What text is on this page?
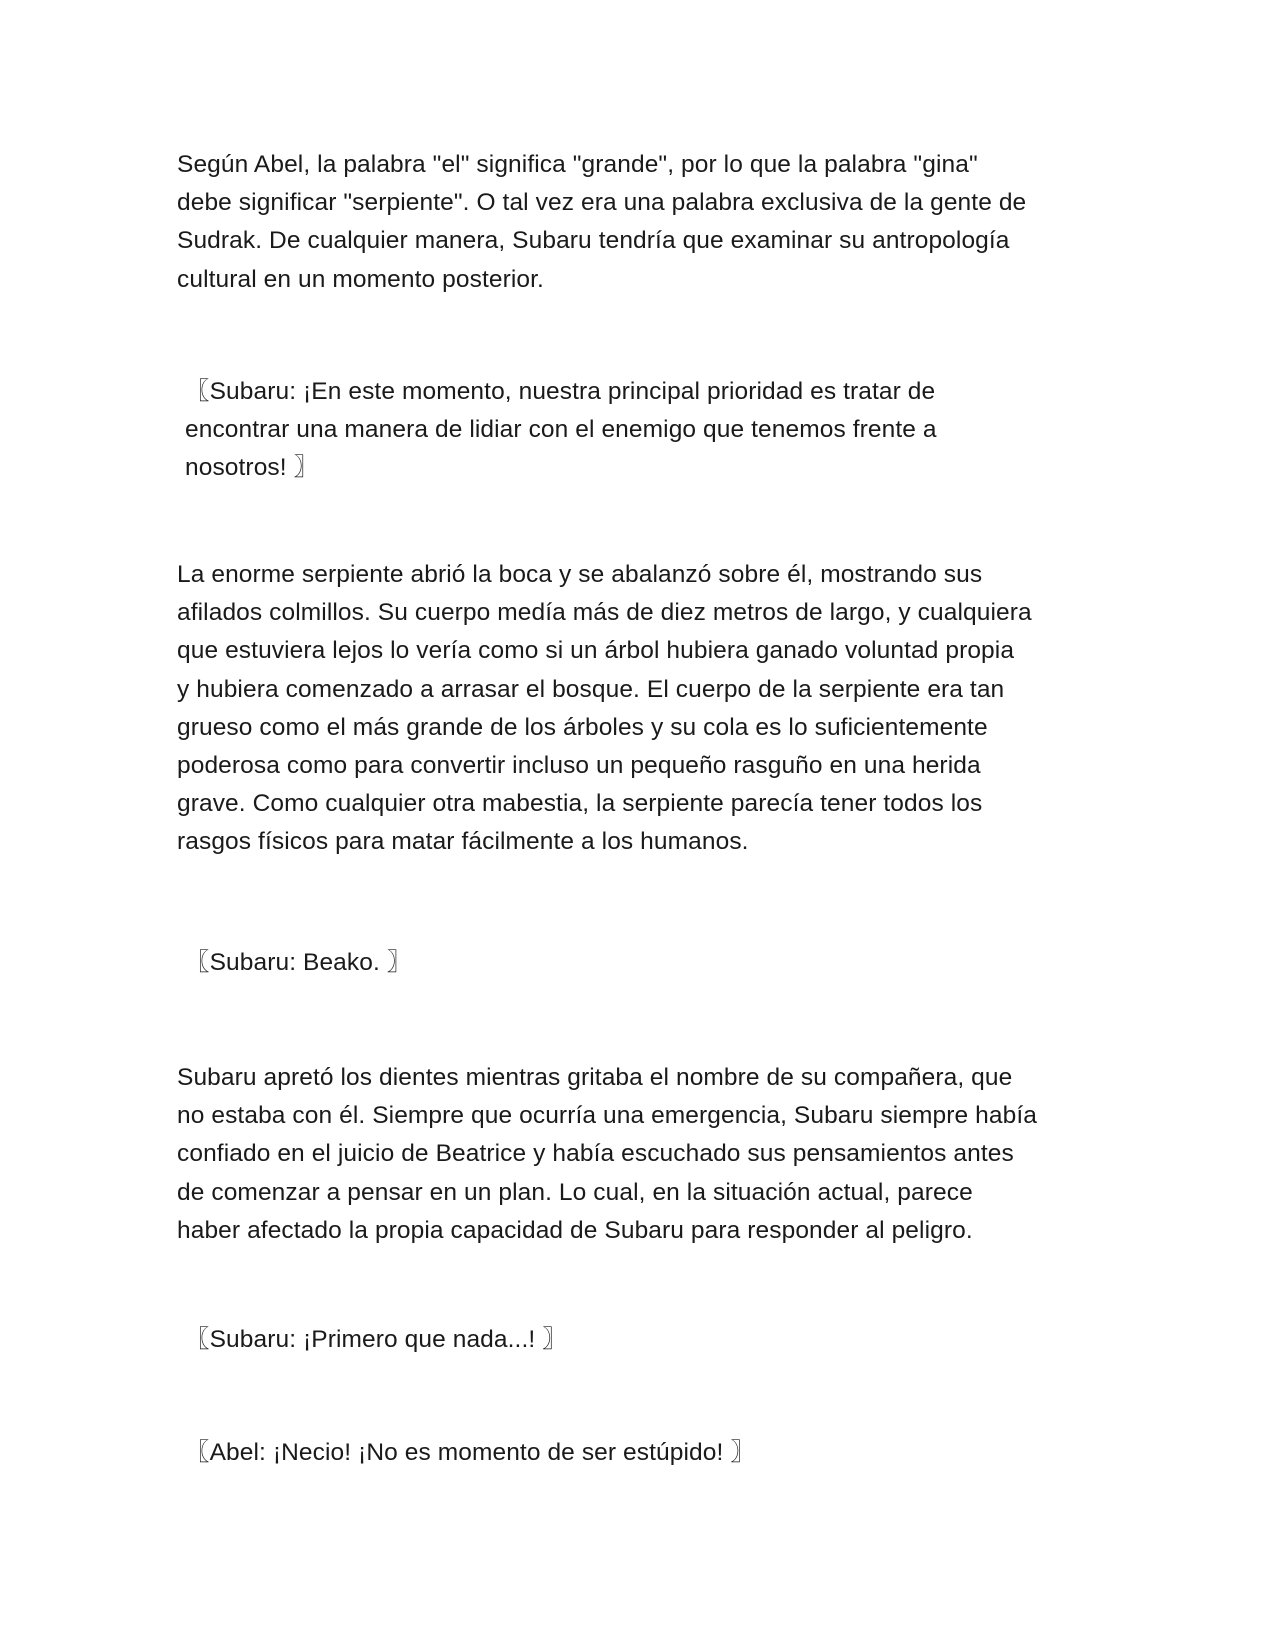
Según Abel, la palabra "el" significa "grande", por lo que la palabra "gina"
debe significar "serpiente". O tal vez era una palabra exclusiva de la gente de
Sudrak. De cualquier manera, Subaru tendría que examinar su antropología
cultural en un momento posterior.

〖Subaru: ¡En este momento, nuestra principal prioridad es tratar de
encontrar una manera de lidiar con el enemigo que tenemos frente a
nosotros! 〗

La enorme serpiente abrió la boca y se abalanzó sobre él, mostrando sus
afilados colmillos. Su cuerpo medía más de diez metros de largo, y cualquiera
que estuviera lejos lo vería como si un árbol hubiera ganado voluntad propia
y hubiera comenzado a arrasar el bosque. El cuerpo de la serpiente era tan
grueso como el más grande de los árboles y su cola es lo suficientemente
poderosa como para convertir incluso un pequeño rasguño en una herida
grave. Como cualquier otra mabestia, la serpiente parecía tener todos los
rasgos físicos para matar fácilmente a los humanos.

〖Subaru: Beako. 〗

Subaru apretó los dientes mientras gritaba el nombre de su compañera, que
no estaba con él. Siempre que ocurría una emergencia, Subaru siempre había
confiado en el juicio de Beatrice y había escuchado sus pensamientos antes
de comenzar a pensar en un plan. Lo cual, en la situación actual, parece
haber afectado la propia capacidad de Subaru para responder al peligro.

〖Subaru: ¡Primero que nada...! 〗

〖Abel: ¡Necio! ¡No es momento de ser estúpido! 〗
